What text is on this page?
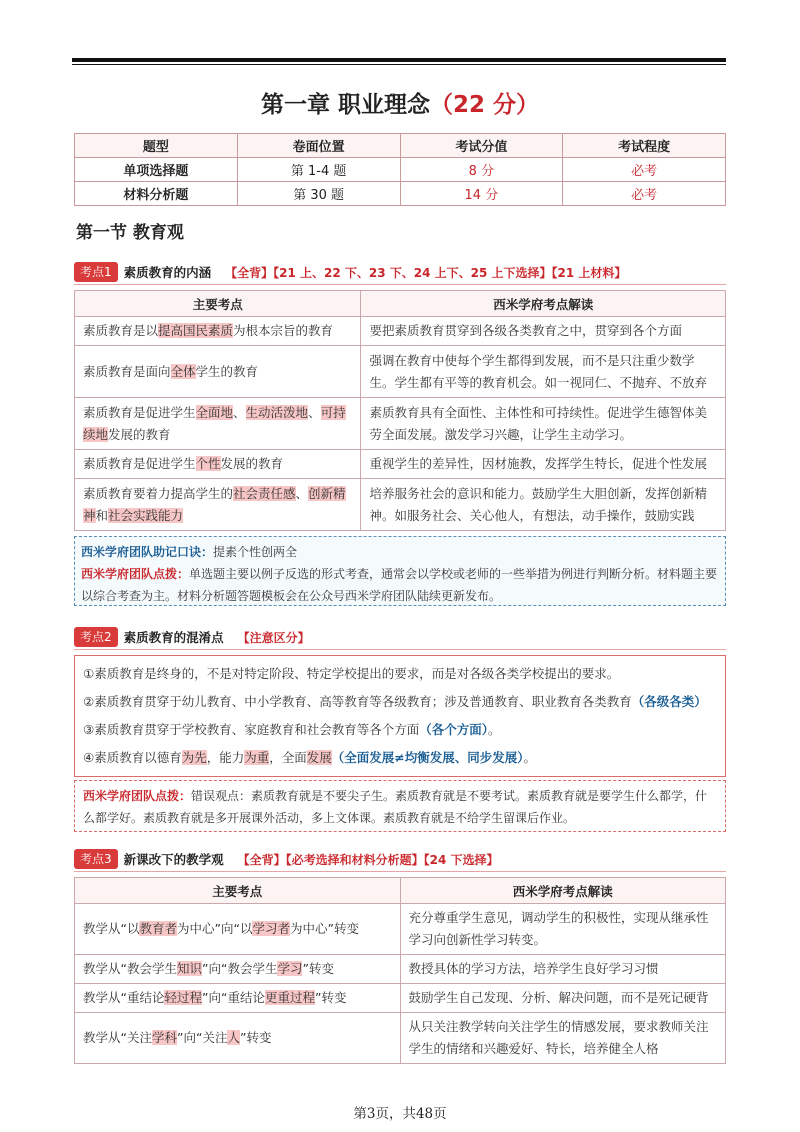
第一章 职业理念（22 分）
题型	卷面位置	考试分值	考试程度
单项选择题	第 1-4 题	8 分	必考
材料分析题	第 30 题	14 分	必考
第一节 教育观
考点1 素质教育的内涵 【全背】【21 上、22 下、23 下、24 上下、25 上下选择】【21 上材料】
主要考点	西米学府考点解读
素质教育是以提高国民素质为根本宗旨的教育	要把素质教育贯穿到各级各类教育之中，贯穿到各个方面
素质教育是面向全体学生的教育	强调在教育中使每个学生都得到发展，而不是只注重少数学生。学生都有平等的教育机会。如一视同仁、不抛弃、不放弃
素质教育是促进学生全面地、生动活泼地、可持续地发展的教育	素质教育具有全面性、主体性和可持续性。促进学生德智体美劳全面发展。激发学习兴趣，让学生主动学习。
素质教育是促进学生个性发展的教育	重视学生的差异性，因材施教，发挥学生特长，促进个性发展
素质教育要着力提高学生的社会责任感、创新精神和社会实践能力	培养服务社会的意识和能力。鼓励学生大胆创新，发挥创新精神。如服务社会、关心他人，有想法，动手操作，鼓励实践
西米学府团队助记口诀：提素个性创两全
西米学府团队点拨：单选题主要以例子反选的形式考查，通常会以学校或老师的一些举措为例进行判断分析。材料题主要以综合考查为主。材料分析题答题模板会在公众号西米学府团队陆续更新发布。
考点2 素质教育的混淆点 【注意区分】
①素质教育是终身的，不是对特定阶段、特定学校提出的要求，而是对各级各类学校提出的要求。
②素质教育贯穿于幼儿教育、中小学教育、高等教育等各级教育；涉及普通教育、职业教育各类教育（各级各类）
③素质教育贯穿于学校教育、家庭教育和社会教育等各个方面（各个方面）。
④素质教育以德育为先，能力为重，全面发展（全面发展≠均衡发展、同步发展）。
西米学府团队点拨：错误观点：素质教育就是不要尖子生。素质教育就是不要考试。素质教育就是要学生什么都学，什么都学好。素质教育就是多开展课外活动，多上文体课。素质教育就是不给学生留课后作业。
考点3 新课改下的教学观 【全背】【必考选择和材料分析题】【24 下选择】
主要考点	西米学府考点解读
教学从“以教育者为中心”向“以学习者为中心”转变	充分尊重学生意见，调动学生的积极性，实现从继承性学习向创新性学习转变。
教学从“教会学生知识”向“教会学生学习”转变	教授具体的学习方法，培养学生良好学习习惯
教学从“重结论轻过程”向“重结论更重过程”转变	鼓励学生自己发现、分析、解决问题，而不是死记硬背
教学从“关注学科”向“关注人”转变	从只关注教学转向关注学生的情感发展，要求教师关注学生的情绪和兴趣爱好、特长，培养健全人格
第3页，共48页
